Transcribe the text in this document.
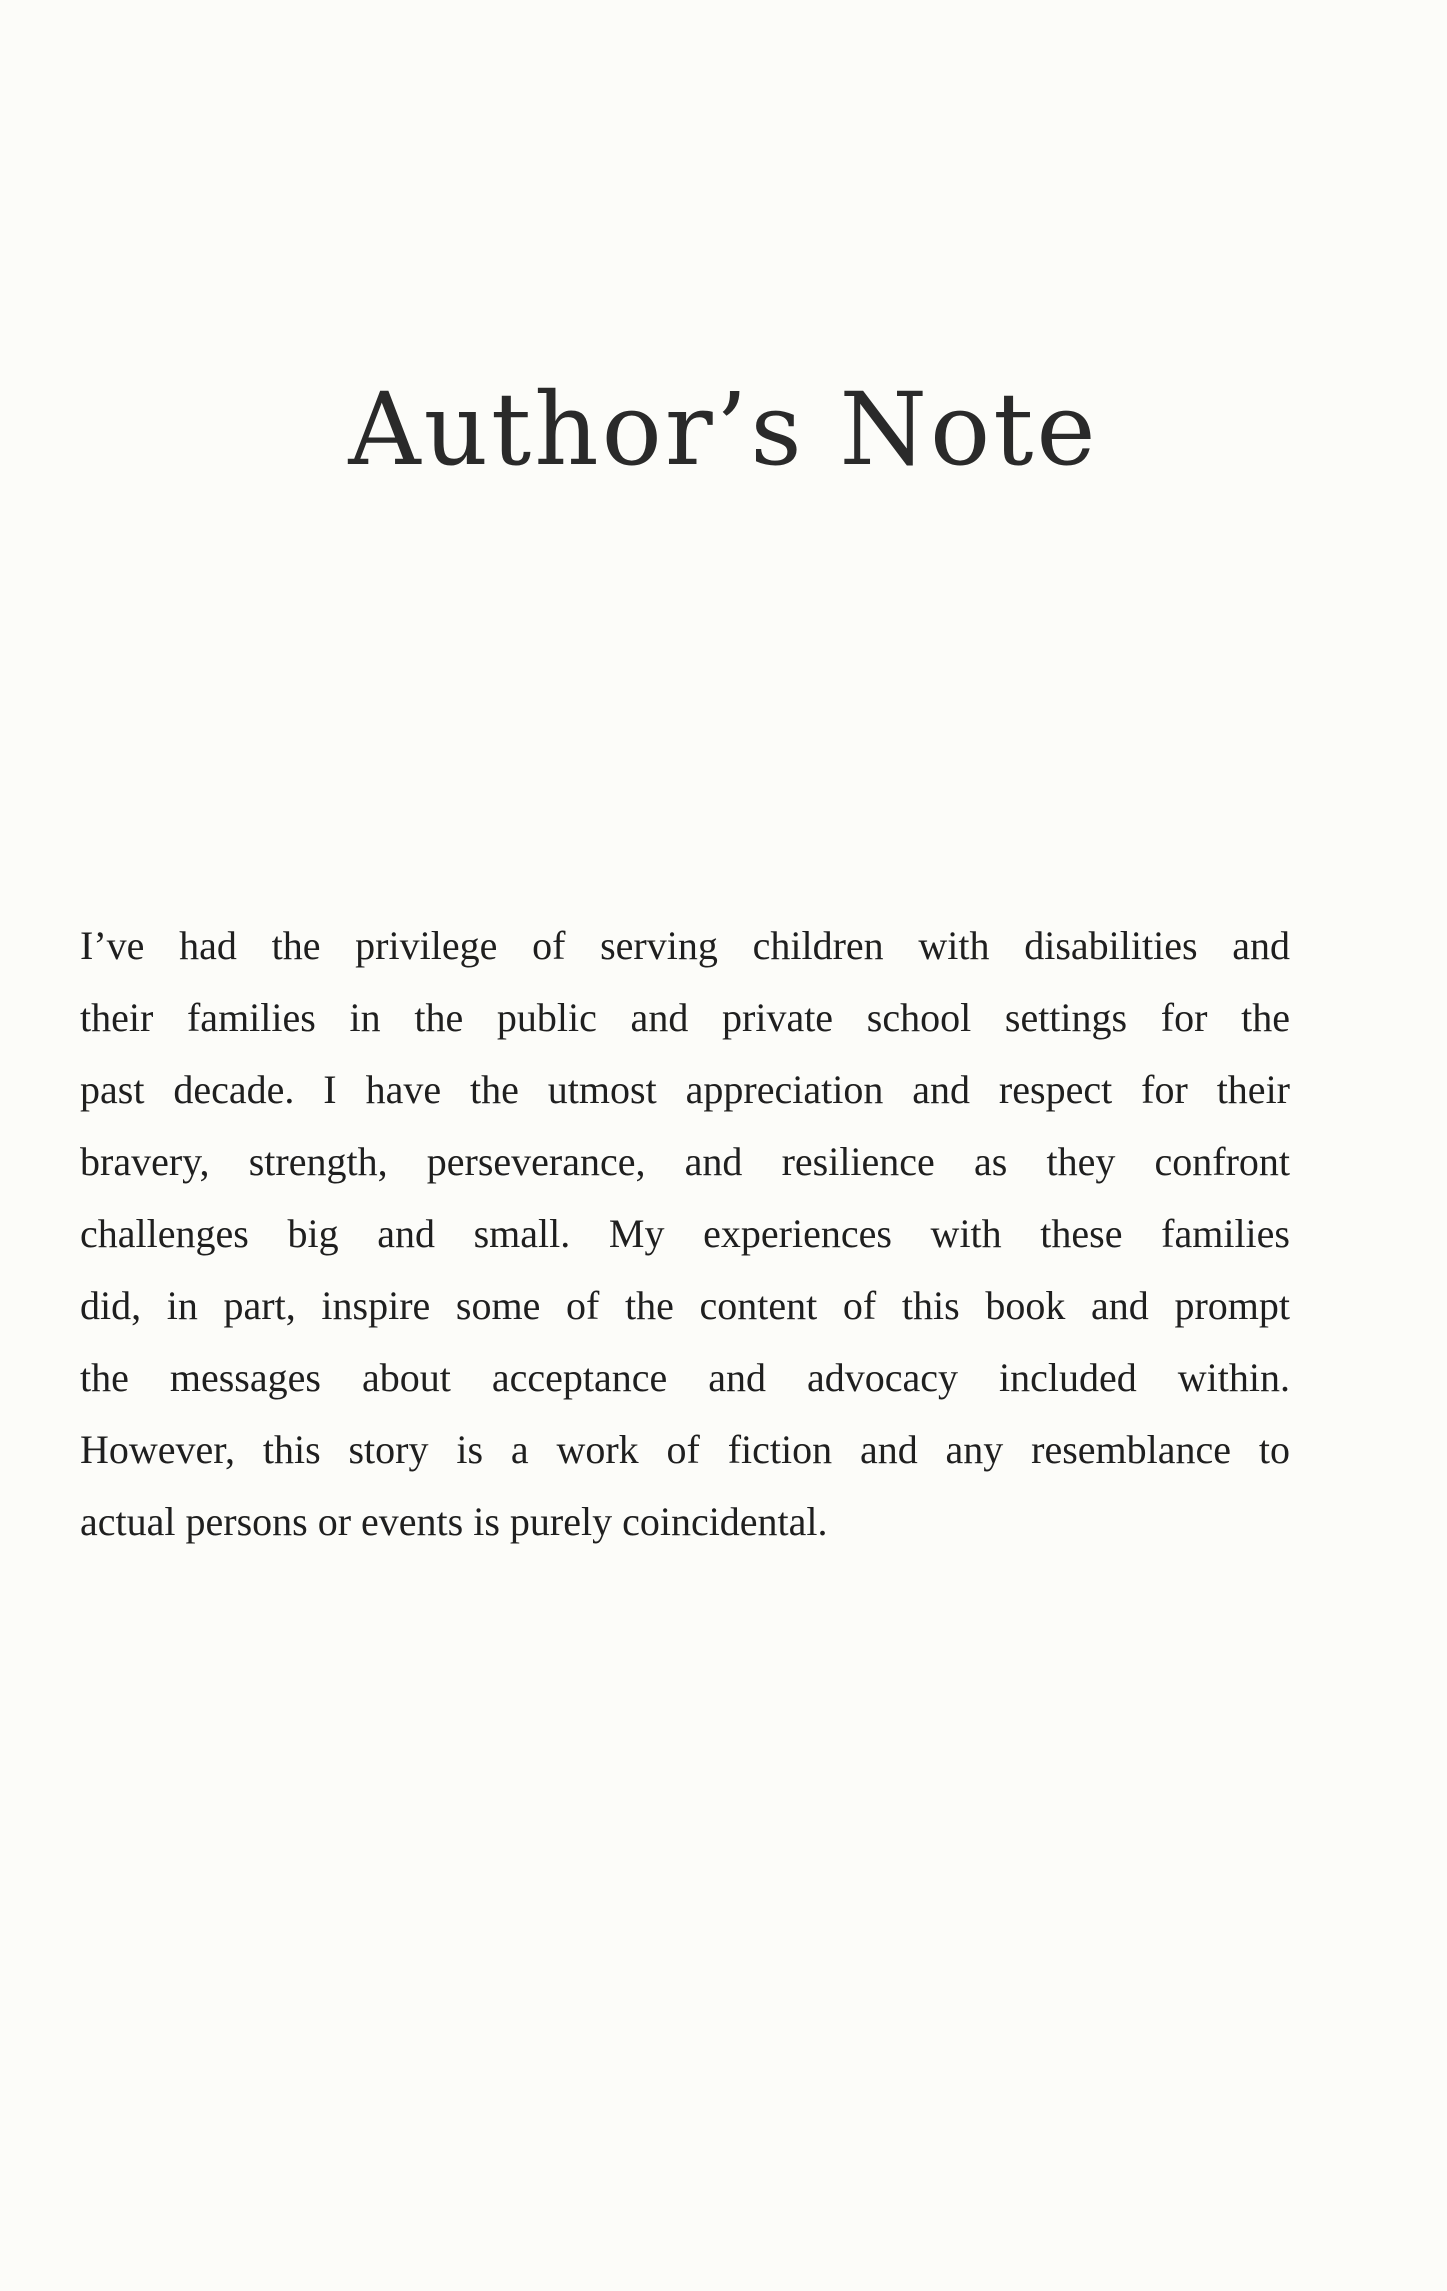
Author’s Note
I’ve had the privilege of serving children with disabilities and
their families in the public and private school settings for the
past decade. I have the utmost appreciation and respect for their
bravery, strength, perseverance, and resilience as they confront
challenges big and small. My experiences with these families
did, in part, inspire some of the content of this book and prompt
the messages about acceptance and advocacy included within.
However, this story is a work of fiction and any resemblance to
actual persons or events is purely coincidental.
